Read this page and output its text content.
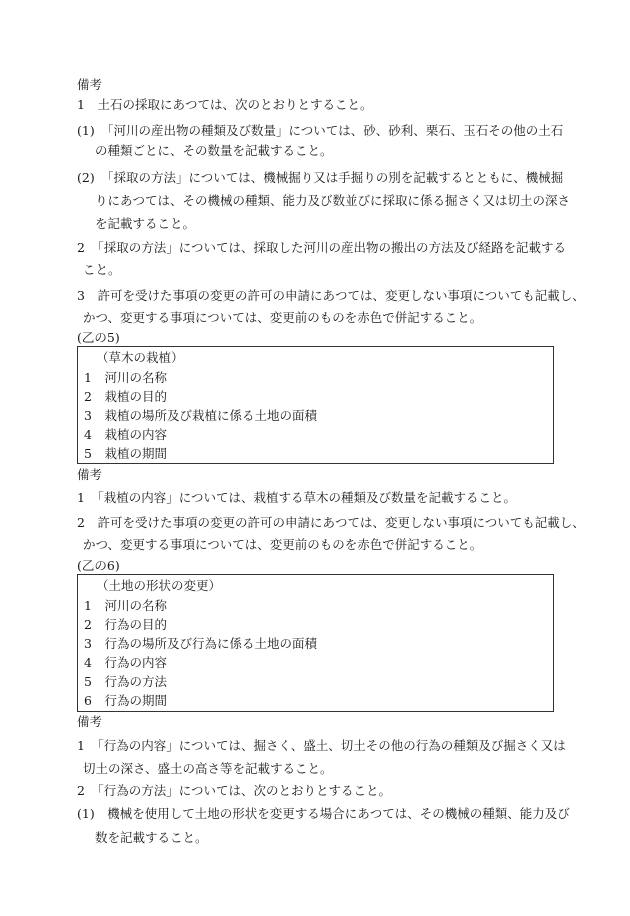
備考
1　土石の採取にあつては、次のとおりとすること。
(1)　「河川の産出物の種類及び数量」については、砂、砂利、栗石、玉石その他の土石
の種類ごとに、その数量を記載すること。
(2)　「採取の方法」については、機械掘り又は手掘りの別を記載するとともに、機械掘
りにあつては、その機械の種類、能力及び数並びに採取に係る掘さく又は切土の深さ
を記載すること。
2　「採取の方法」については、採取した河川の産出物の搬出の方法及び経路を記載する
こと。
3　許可を受けた事項の変更の許可の申請にあつては、変更しない事項についても記載し、
かつ、変更する事項については、変更前のものを赤色で併記すること。
(乙の5)
（草木の栽植）
1　河川の名称
2　栽植の目的
3　栽植の場所及び栽植に係る土地の面積
4　栽植の内容
5　栽植の期間
備考
1　「栽植の内容」については、栽植する草木の種類及び数量を記載すること。
2　許可を受けた事項の変更の許可の申請にあつては、変更しない事項についても記載し、
かつ、変更する事項については、変更前のものを赤色で併記すること。
(乙の6)
（土地の形状の変更）
1　河川の名称
2　行為の目的
3　行為の場所及び行為に係る土地の面積
4　行為の内容
5　行為の方法
6　行為の期間
備考
1　「行為の内容」については、掘さく、盛土、切土その他の行為の種類及び掘さく又は
切土の深さ、盛土の高さ等を記載すること。
2　「行為の方法」については、次のとおりとすること。
(1)　機械を使用して土地の形状を変更する場合にあつては、その機械の種類、能力及び
数を記載すること。
